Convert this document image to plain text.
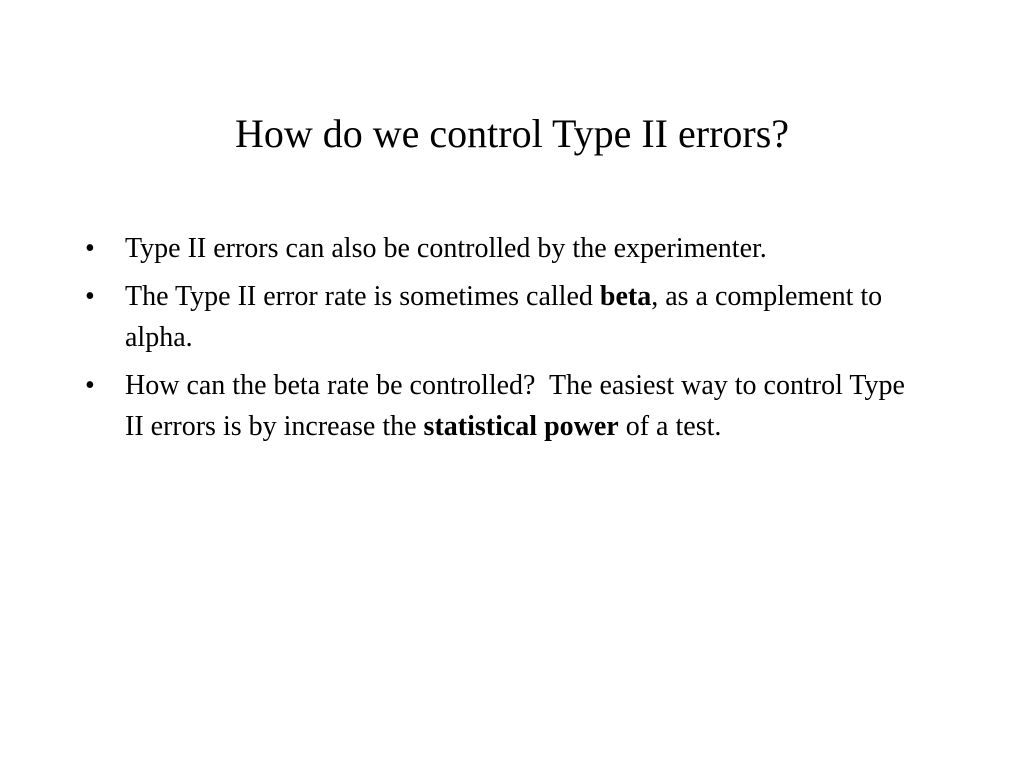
How do we control Type II errors?
• Type II errors can also be controlled by the experimenter.
• The Type II error rate is sometimes called beta, as a complement to alpha.
• How can the beta rate be controlled?  The easiest way to control Type II errors is by increase the statistical power of a test.
